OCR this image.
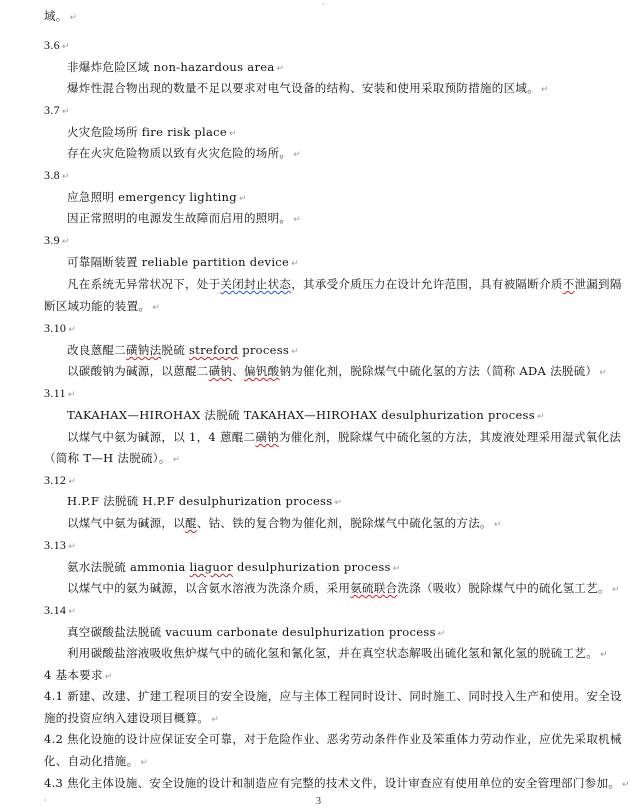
'
域。 ↵
3.6 ↵
非爆炸危险区域 non-hazardous area ↵
爆炸性混合物出现的数量不足以要求对电气设备的结构、安装和使用采取预防措施的区域。 ↵
3.7 ↵
火灾危险场所 fire risk place ↵
存在火灾危险物质以致有火灾危险的场所。 ↵
3.8 ↵
应急照明 emergency lighting ↵
因正常照明的电源发生故障而启用的照明。 ↵
3.9 ↵
可靠隔断装置 reliable partition device ↵
凡在系统无异常状况下，处于关闭封止状态，其承受介质压力在设计允许范围，具有被隔断介质不泄漏到隔
断区域功能的装置。 ↵
3.10 ↵
改良蒽醌二磺钠法脱硫 streford process ↵
以碳酸钠为碱源，以蒽醌二磺钠、偏钒酸钠为催化剂，脱除煤气中硫化氢的方法（简称 ADA 法脱硫） ↵
3.11 ↵
TAKAHAX—HIROHAX 法脱硫 TAKAHAX—HIROHAX desulphurization process ↵
以煤气中氨为碱源，以 1，4 蒽醌二磺钠为催化剂，脱除煤气中硫化氢的方法，其废液处理采用湿式氧化法
（简称 T—H 法脱硫）。 ↵
3.12 ↵
H.P.F 法脱硫 H.P.F desulphurization process ↵
以煤气中氨为碱源，以醌、钴、铁的复合物为催化剂，脱除煤气中硫化氢的方法。 ↵
3.13 ↵
氨水法脱硫 ammonia liaguor desulphurization process ↵
以煤气中的氨为碱源，以含氨水溶液为洗涤介质，采用氨硫联合洗涤（吸收）脱除煤气中的硫化氢工艺。 ↵
3.14 ↵
真空碳酸盐法脱硫 vacuum carbonate desulphurization process ↵
利用碳酸盐溶液吸收焦炉煤气中的硫化氢和氰化氢，并在真空状态解吸出硫化氢和氰化氢的脱硫工艺。 ↵
4 基本要求 ↵
4.1 新建、改建、扩建工程项目的安全设施，应与主体工程同时设计、同时施工、同时投入生产和使用。安全设
施的投资应纳入建设项目概算。 ↵
4.2 焦化设施的设计应保证安全可靠，对于危险作业、恶劣劳动条件作业及笨重体力劳动作业，应优先采取机械
化、自动化措施。 ↵
4.3 焦化主体设施、安全设施的设计和制造应有完整的技术文件，设计审查应有使用单位的安全管理部门参加。 ↵
'	3
